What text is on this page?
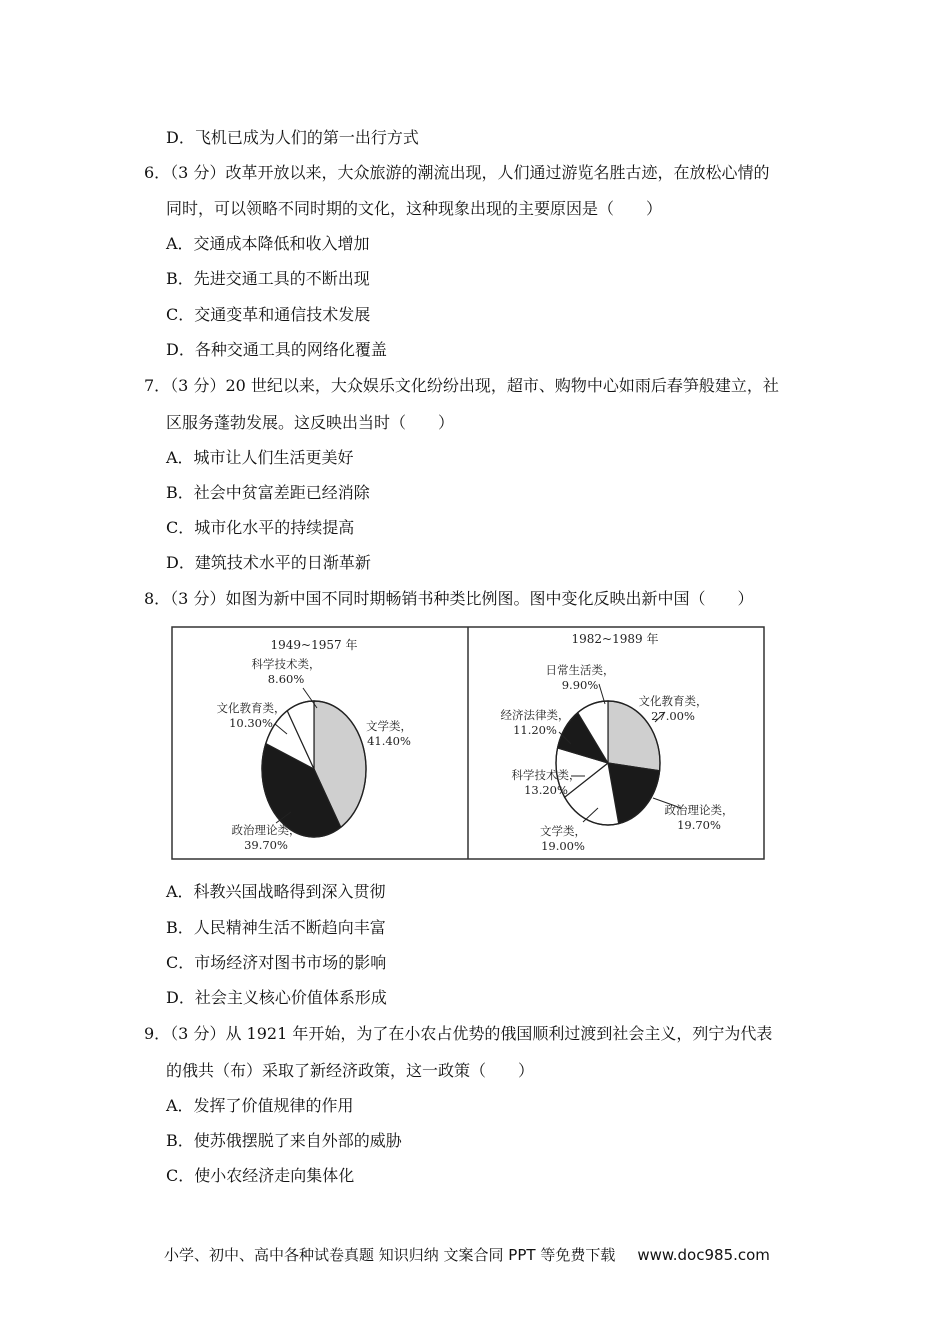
D．飞机已成为人们的第一出行方式
6．（3 分）改革开放以来，大众旅游的潮流出现，人们通过游览名胜古迹，在放松心情的
同时，可以领略不同时期的文化，这种现象出现的主要原因是（　　）
A．交通成本降低和收入增加
B．先进交通工具的不断出现
C．交通变革和通信技术发展
D．各种交通工具的网络化覆盖
7．（3 分）20 世纪以来，大众娱乐文化纷纷出现，超市、购物中心如雨后春笋般建立，社
区服务蓬勃发展。这反映出当时（　　）
A．城市让人们生活更美好
B．社会中贫富差距已经消除
C．城市化水平的持续提高
D．建筑技术水平的日渐革新
8．（3 分）如图为新中国不同时期畅销书种类比例图。图中变化反映出新中国（　　）
1949~1957 年
文学类，
41.40%
政治理论类，
39.70%
文化教育类，
10.30%
科学技术类，
8.60%
1982~1989 年
文化教育类，
27.00%
政治理论类，
19.70%
文学类，
19.00%
科学技术类，
13.20%
经济法律类，
11.20%
日常生活类，
9.90%
A．科教兴国战略得到深入贯彻
B．人民精神生活不断趋向丰富
C．市场经济对图书市场的影响
D．社会主义核心价值体系形成
9．（3 分）从 1921 年开始，为了在小农占优势的俄国顺利过渡到社会主义，列宁为代表
的俄共（布）采取了新经济政策，这一政策（　　）
A．发挥了价值规律的作用
B．使苏俄摆脱了来自外部的威胁
C．使小农经济走向集体化
小学、初中、高中各种试卷真题 知识归纳 文案合同 PPT 等免费下载 www.doc985.com
